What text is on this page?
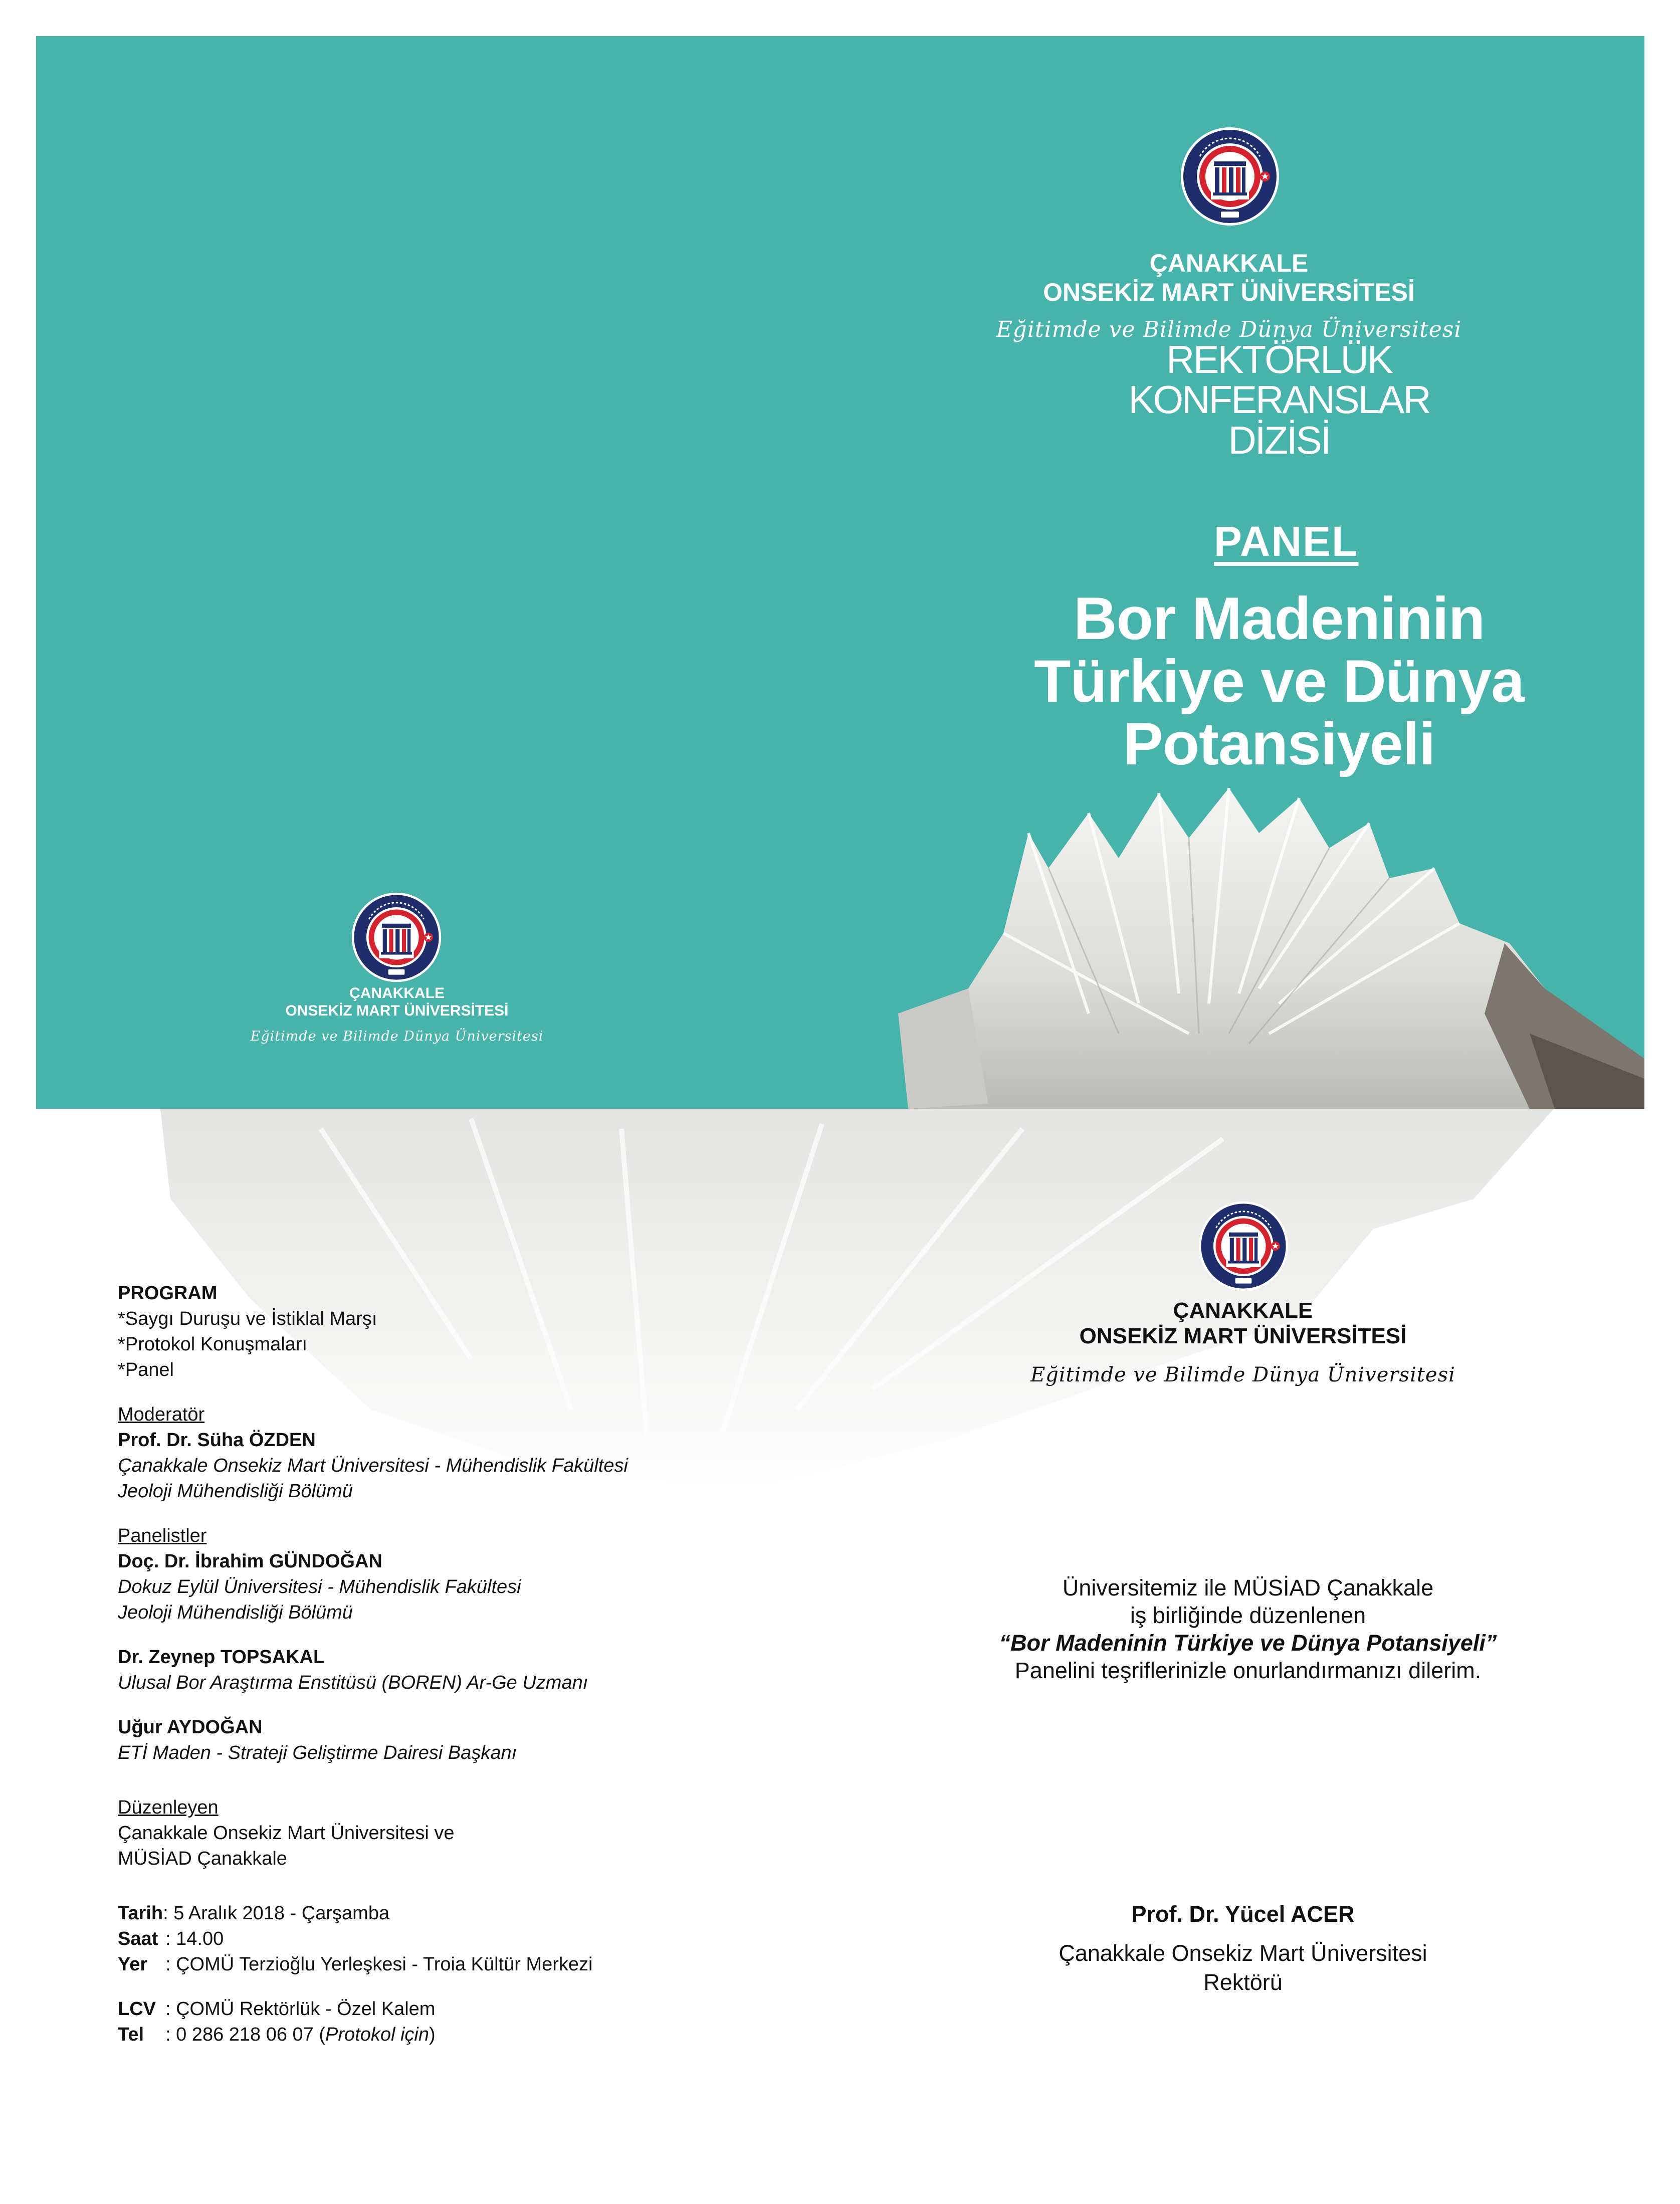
ÇANAKKALE
ONSEKİZ MART ÜNİVERSİTESİ
Eğitimde ve Bilimde Dünya Üniversitesi
REKTÖRLÜK
KONFERANSLAR
DİZİSİ
PANEL
Bor Madeninin
Türkiye ve Dünya
Potansiyeli
ÇANAKKALE
ONSEKİZ MART ÜNİVERSİTESİ
Eğitimde ve Bilimde Dünya Üniversitesi
ÇANAKKALE
ONSEKİZ MART ÜNİVERSİTESİ
Eğitimde ve Bilimde Dünya Üniversitesi
PROGRAM
*Saygı Duruşu ve İstiklal Marşı
*Protokol Konuşmaları
*Panel
Moderatör
Prof. Dr. Süha ÖZDEN
Çanakkale Onsekiz Mart Üniversitesi - Mühendislik Fakültesi
Jeoloji Mühendisliği Bölümü
Panelistler
Doç. Dr. İbrahim GÜNDOĞAN
Dokuz Eylül Üniversitesi - Mühendislik Fakültesi
Jeoloji Mühendisliği Bölümü
Dr. Zeynep TOPSAKAL
Ulusal Bor Araştırma Enstitüsü (BOREN) Ar-Ge Uzmanı
Uğur AYDOĞAN
ETİ Maden - Strateji Geliştirme Dairesi Başkanı
Düzenleyen
Çanakkale Onsekiz Mart Üniversitesi ve
MÜSİAD Çanakkale
Tarih: 5 Aralık 2018 - Çarşamba
Saat : 14.00
Yer : ÇOMÜ Terzioğlu Yerleşkesi - Troia Kültür Merkezi
LCV : ÇOMÜ Rektörlük - Özel Kalem
Tel : 0 286 218 06 07 (Protokol için)
Üniversitemiz ile MÜSİAD Çanakkale
iş birliğinde düzenlenen
“Bor Madeninin Türkiye ve Dünya Potansiyeli”
Panelini teşriflerinizle onurlandırmanızı dilerim.
Prof. Dr. Yücel ACER
Çanakkale Onsekiz Mart Üniversitesi
Rektörü
